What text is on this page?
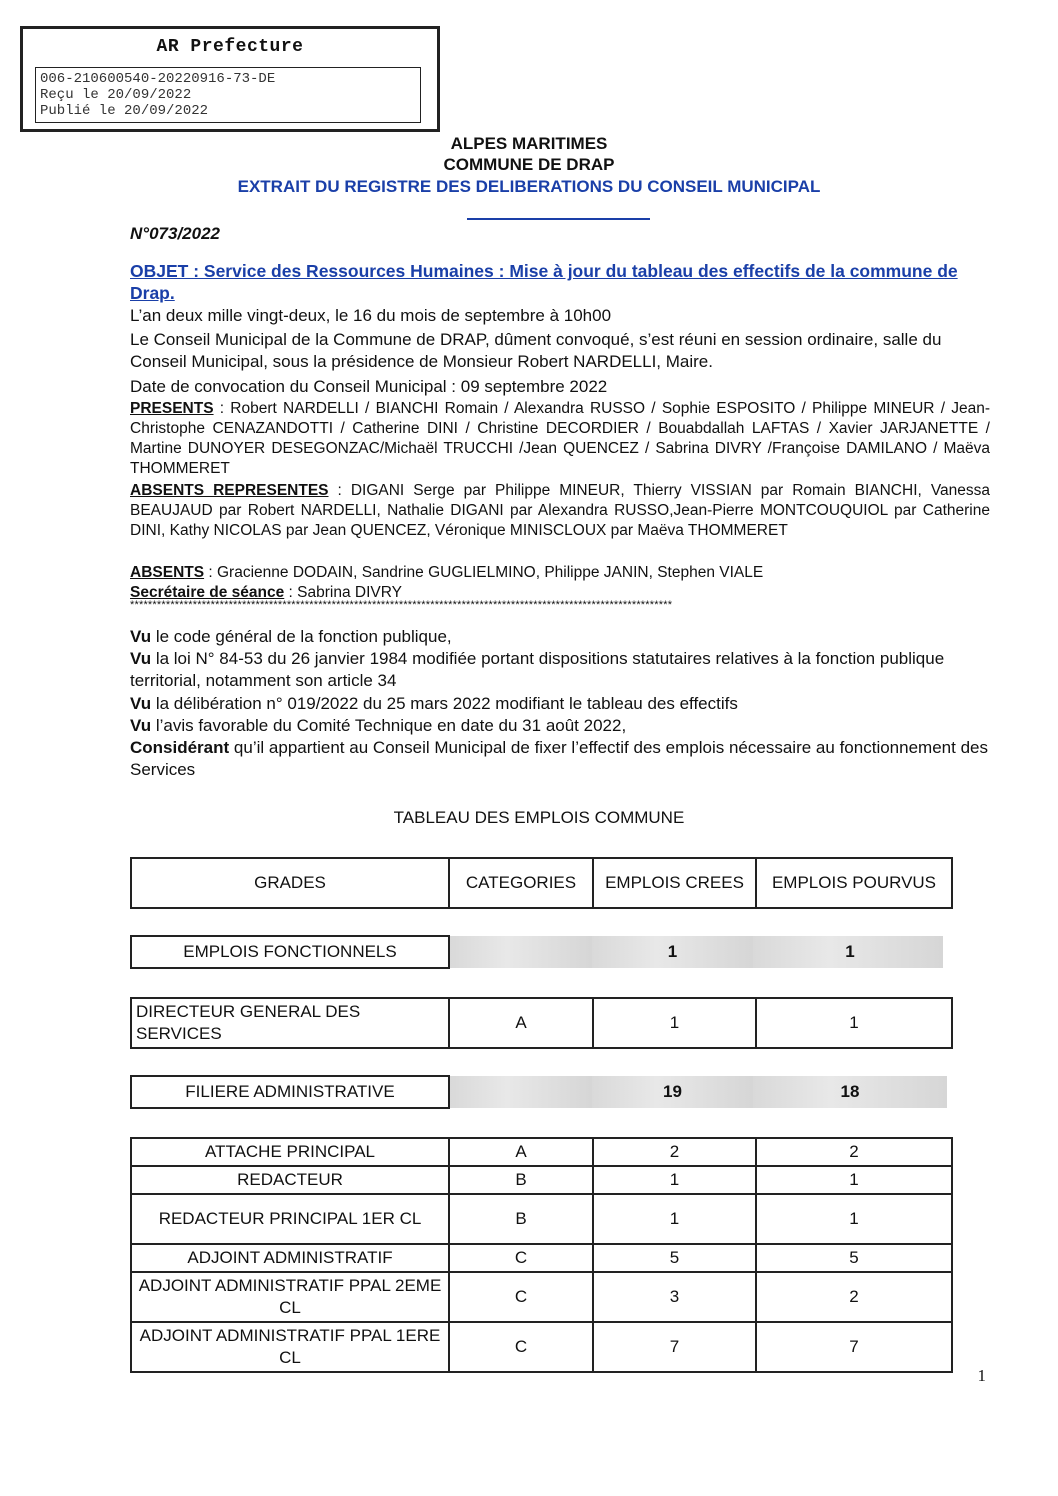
AR Prefecture
006-210600540-20220916-73-DE
Reçu le 20/09/2022
Publié le 20/09/2022
ALPES MARITIMES
COMMUNE DE DRAP
EXTRAIT DU REGISTRE DES DELIBERATIONS DU CONSEIL MUNICIPAL
N°073/2022
OBJET : Service des Ressources Humaines : Mise à jour du tableau des effectifs de la commune de Drap.
L’an deux mille vingt-deux, le 16 du mois de septembre à 10h00
Le Conseil Municipal de la Commune de DRAP, dûment convoqué, s’est réuni en session ordinaire, salle du Conseil Municipal, sous la présidence de Monsieur Robert NARDELLI, Maire.
Date de convocation du Conseil Municipal : 09 septembre 2022
PRESENTS : Robert NARDELLI / BIANCHI Romain / Alexandra RUSSO / Sophie ESPOSITO / Philippe MINEUR / Jean-Christophe CENAZANDOTTI / Catherine DINI / Christine DECORDIER / Bouabdallah LAFTAS / Xavier JARJANETTE / Martine DUNOYER DESEGONZAC/Michaël TRUCCHI /Jean QUENCEZ / Sabrina DIVRY /Françoise DAMILANO / Maëva THOMMERET
ABSENTS REPRESENTES : DIGANI Serge par Philippe MINEUR, Thierry VISSIAN par Romain BIANCHI, Vanessa BEAUJAUD par Robert NARDELLI, Nathalie DIGANI par Alexandra RUSSO,Jean-Pierre MONTCOUQUIOL par Catherine DINI, Kathy NICOLAS par Jean QUENCEZ, Véronique MINISCLOUX par Maëva THOMMERET
ABSENTS : Gracienne DODAIN, Sandrine GUGLIELMINO, Philippe JANIN, Stephen VIALE
Secrétaire de séance : Sabrina DIVRY
*************************************************************************************************************************
Vu le code général de la fonction publique,
Vu la loi N° 84-53 du 26 janvier 1984 modifiée portant dispositions statutaires relatives à la fonction publique territorial, notamment son article 34
Vu la délibération n° 019/2022 du 25 mars 2022 modifiant le tableau des effectifs
Vu l’avis favorable du Comité Technique en date du 31 août 2022,
Considérant qu’il appartient au Conseil Municipal de fixer l’effectif des emplois nécessaire au fonctionnement des Services
TABLEAU DES EMPLOIS COMMUNE
GRADES	CATEGORIES	EMPLOIS CREES	EMPLOIS POURVUS
EMPLOIS FONCTIONNELS		1	1
DIRECTEUR GENERAL DES SERVICES	A	1	1
FILIERE ADMINISTRATIVE		19	18
ATTACHE PRINCIPAL	A	2	2
REDACTEUR	B	1	1
REDACTEUR PRINCIPAL 1ER CL	B	1	1
ADJOINT ADMINISTRATIF	C	5	5
ADJOINT ADMINISTRATIF PPAL 2EME CL	C	3	2
ADJOINT ADMINISTRATIF PPAL 1ERE CL	C	7	7
1
